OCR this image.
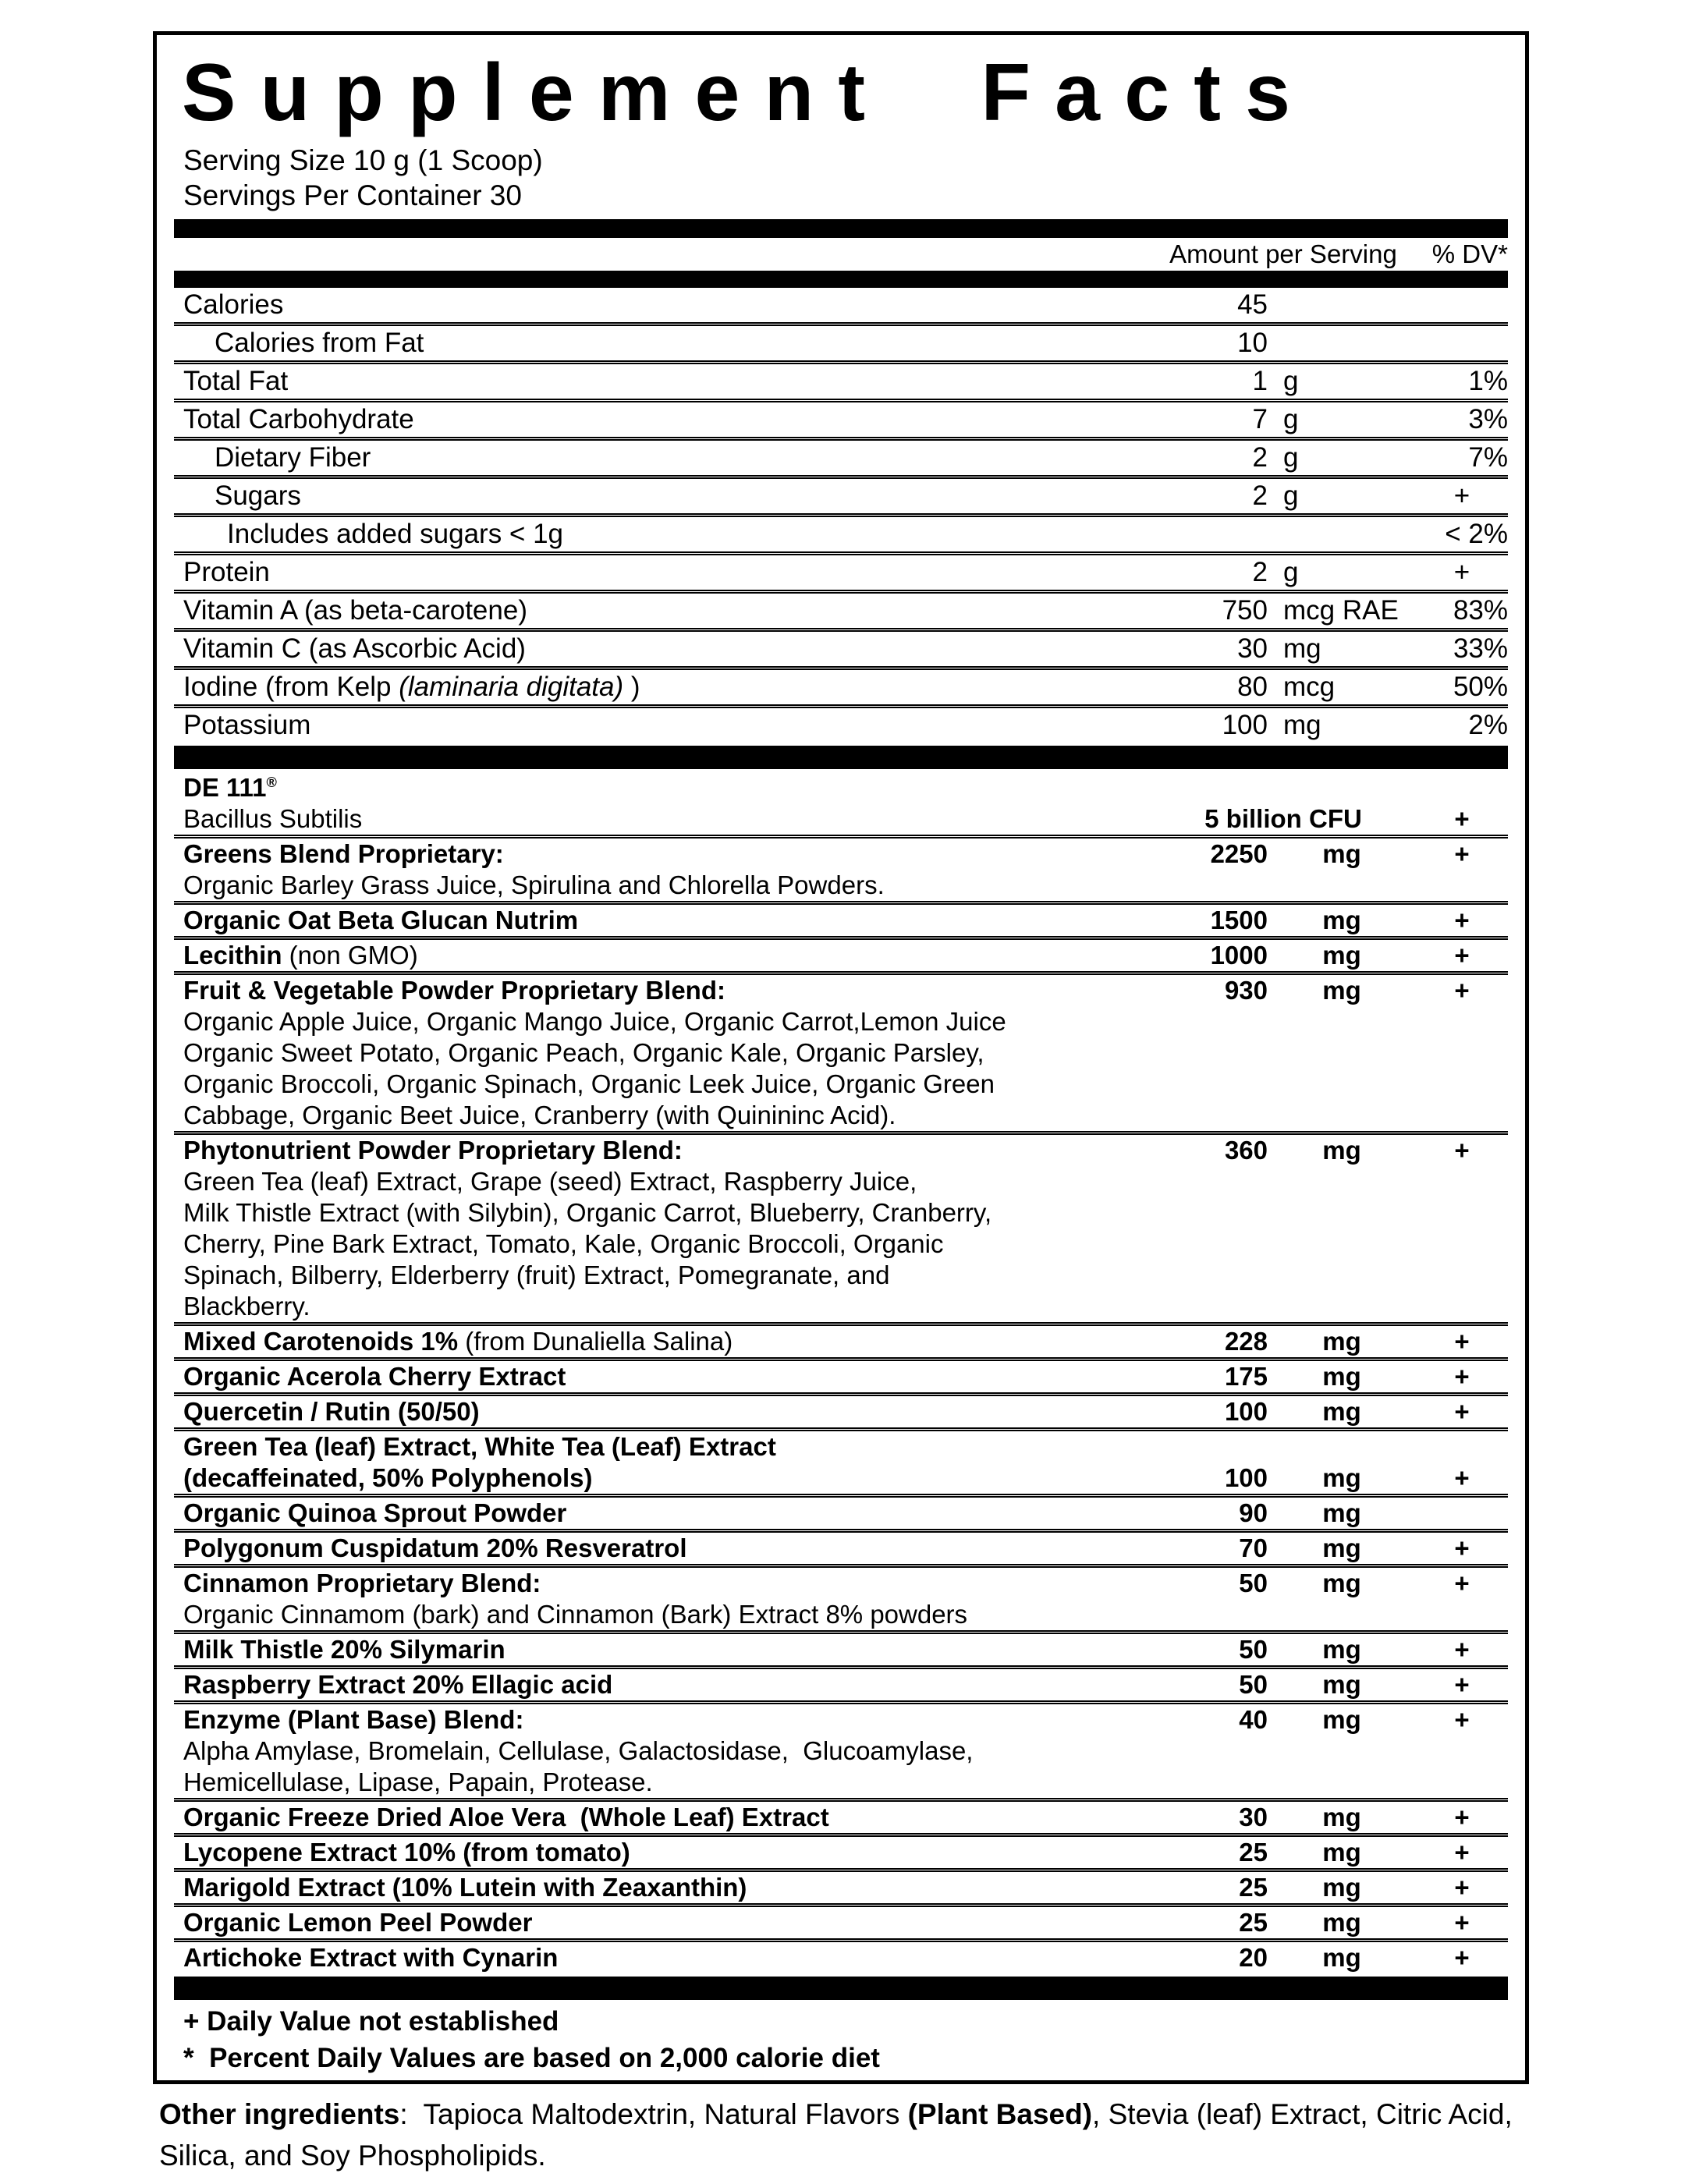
Supplement Facts
Serving Size 10 g (1 Scoop)
Servings Per Container 30
Amount per Serving	% DV*
Calories	45
Calories from Fat	10
Total Fat	1 g	1%
Total Carbohydrate	7 g	3%
Dietary Fiber	2 g	7%
Sugars	2 g	+
Includes added sugars < 1g	< 2%
Protein	2 g	+
Vitamin A (as beta-carotene)	750 mcg RAE	83%
Vitamin C (as Ascorbic Acid)	30 mg	33%
Iodine (from Kelp (laminaria digitata) )	80 mcg	50%
Potassium	100 mg	2%
DE 111®
Bacillus Subtilis	5 billion CFU	+
Greens Blend Proprietary:	2250	mg	+
Organic Barley Grass Juice, Spirulina and Chlorella Powders.
Organic Oat Beta Glucan Nutrim	1500	mg	+
Lecithin (non GMO)	1000	mg	+
Fruit & Vegetable Powder Proprietary Blend:	930	mg	+
Organic Apple Juice, Organic Mango Juice, Organic Carrot,Lemon Juice
Organic Sweet Potato, Organic Peach, Organic Kale, Organic Parsley,
Organic Broccoli, Organic Spinach, Organic Leek Juice, Organic Green
Cabbage, Organic Beet Juice, Cranberry (with Quinininc Acid).
Phytonutrient Powder Proprietary Blend:	360	mg	+
Green Tea (leaf) Extract, Grape (seed) Extract, Raspberry Juice,
Milk Thistle Extract (with Silybin), Organic Carrot, Blueberry, Cranberry,
Cherry, Pine Bark Extract, Tomato, Kale, Organic Broccoli, Organic
Spinach, Bilberry, Elderberry (fruit) Extract, Pomegranate, and
Blackberry.
Mixed Carotenoids 1% (from Dunaliella Salina)	228	mg	+
Organic Acerola Cherry Extract	175	mg	+
Quercetin / Rutin (50/50)	100	mg	+
Green Tea (leaf) Extract, White Tea (Leaf) Extract
(decaffeinated, 50% Polyphenols)	100	mg	+
Organic Quinoa Sprout Powder	90	mg
Polygonum Cuspidatum 20% Resveratrol	70	mg	+
Cinnamon Proprietary Blend:	50	mg	+
Organic Cinnamom (bark) and Cinnamon (Bark) Extract 8% powders
Milk Thistle 20% Silymarin	50	mg	+
Raspberry Extract 20% Ellagic acid	50	mg	+
Enzyme (Plant Base) Blend:	40	mg	+
Alpha Amylase, Bromelain, Cellulase, Galactosidase,  Glucoamylase,
Hemicellulase, Lipase, Papain, Protease.
Organic Freeze Dried Aloe Vera  (Whole Leaf) Extract	30	mg	+
Lycopene Extract 10% (from tomato)	25	mg	+
Marigold Extract (10% Lutein with Zeaxanthin)	25	mg	+
Organic Lemon Peel Powder	25	mg	+
Artichoke Extract with Cynarin	20	mg	+
+ Daily Value not established
*  Percent Daily Values are based on 2,000 calorie diet
Other ingredients:  Tapioca Maltodextrin, Natural Flavors (Plant Based), Stevia (leaf) Extract, Citric Acid, Silica, and Soy Phospholipids.
